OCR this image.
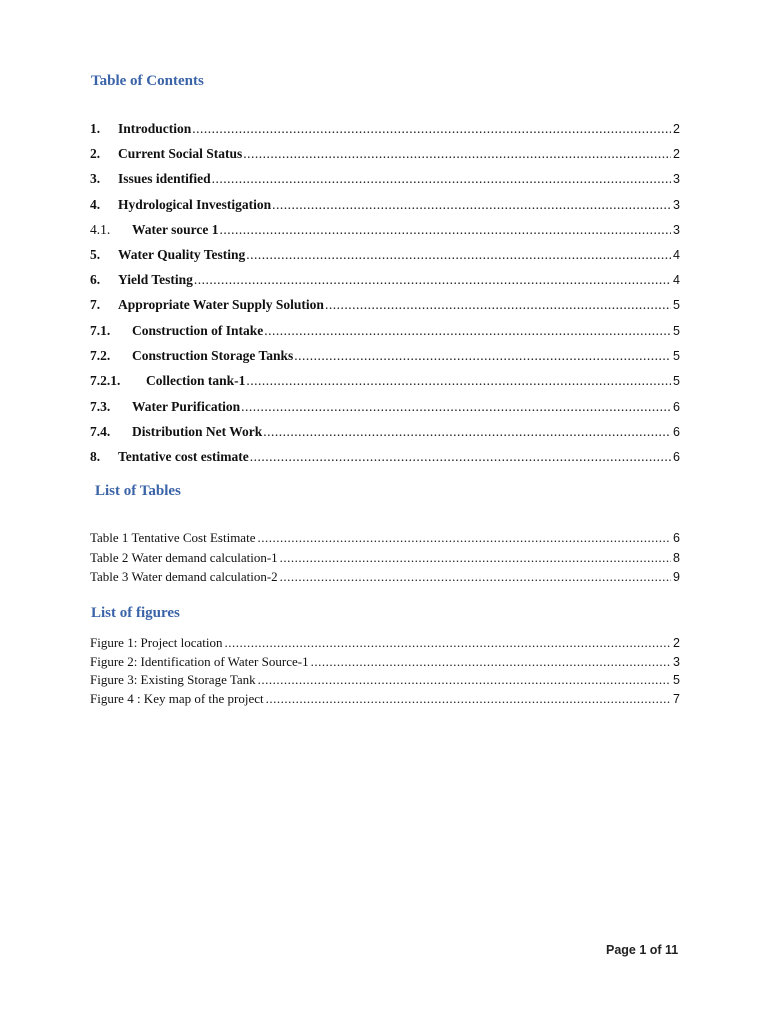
Table of Contents
1.	Introduction .....	2
2.	Current Social Status .....	2
3.	Issues identified .....	3
4.	Hydrological Investigation .....	3
4.1.	Water source 1 .....	3
5.	Water Quality Testing .....	4
6.	Yield Testing .....	4
7.	Appropriate Water Supply Solution .....	5
7.1.	Construction of Intake .....	5
7.2.	Construction Storage Tanks .....	5
7.2.1.	Collection tank-1 .....	5
7.3.	Water Purification .....	6
7.4.	Distribution Net Work .....	6
8.	Tentative cost estimate .....	6
List of Tables
Table 1 Tentative Cost Estimate .....	6
Table 2 Water demand calculation-1 .....	8
Table 3 Water demand calculation-2 .....	9
List of figures
Figure 1: Project location .....	2
Figure 2: Identification of Water Source-1 .....	3
Figure 3: Existing Storage Tank .....	5
Figure 4 : Key map of the project .....	7
Page 1 of 11
